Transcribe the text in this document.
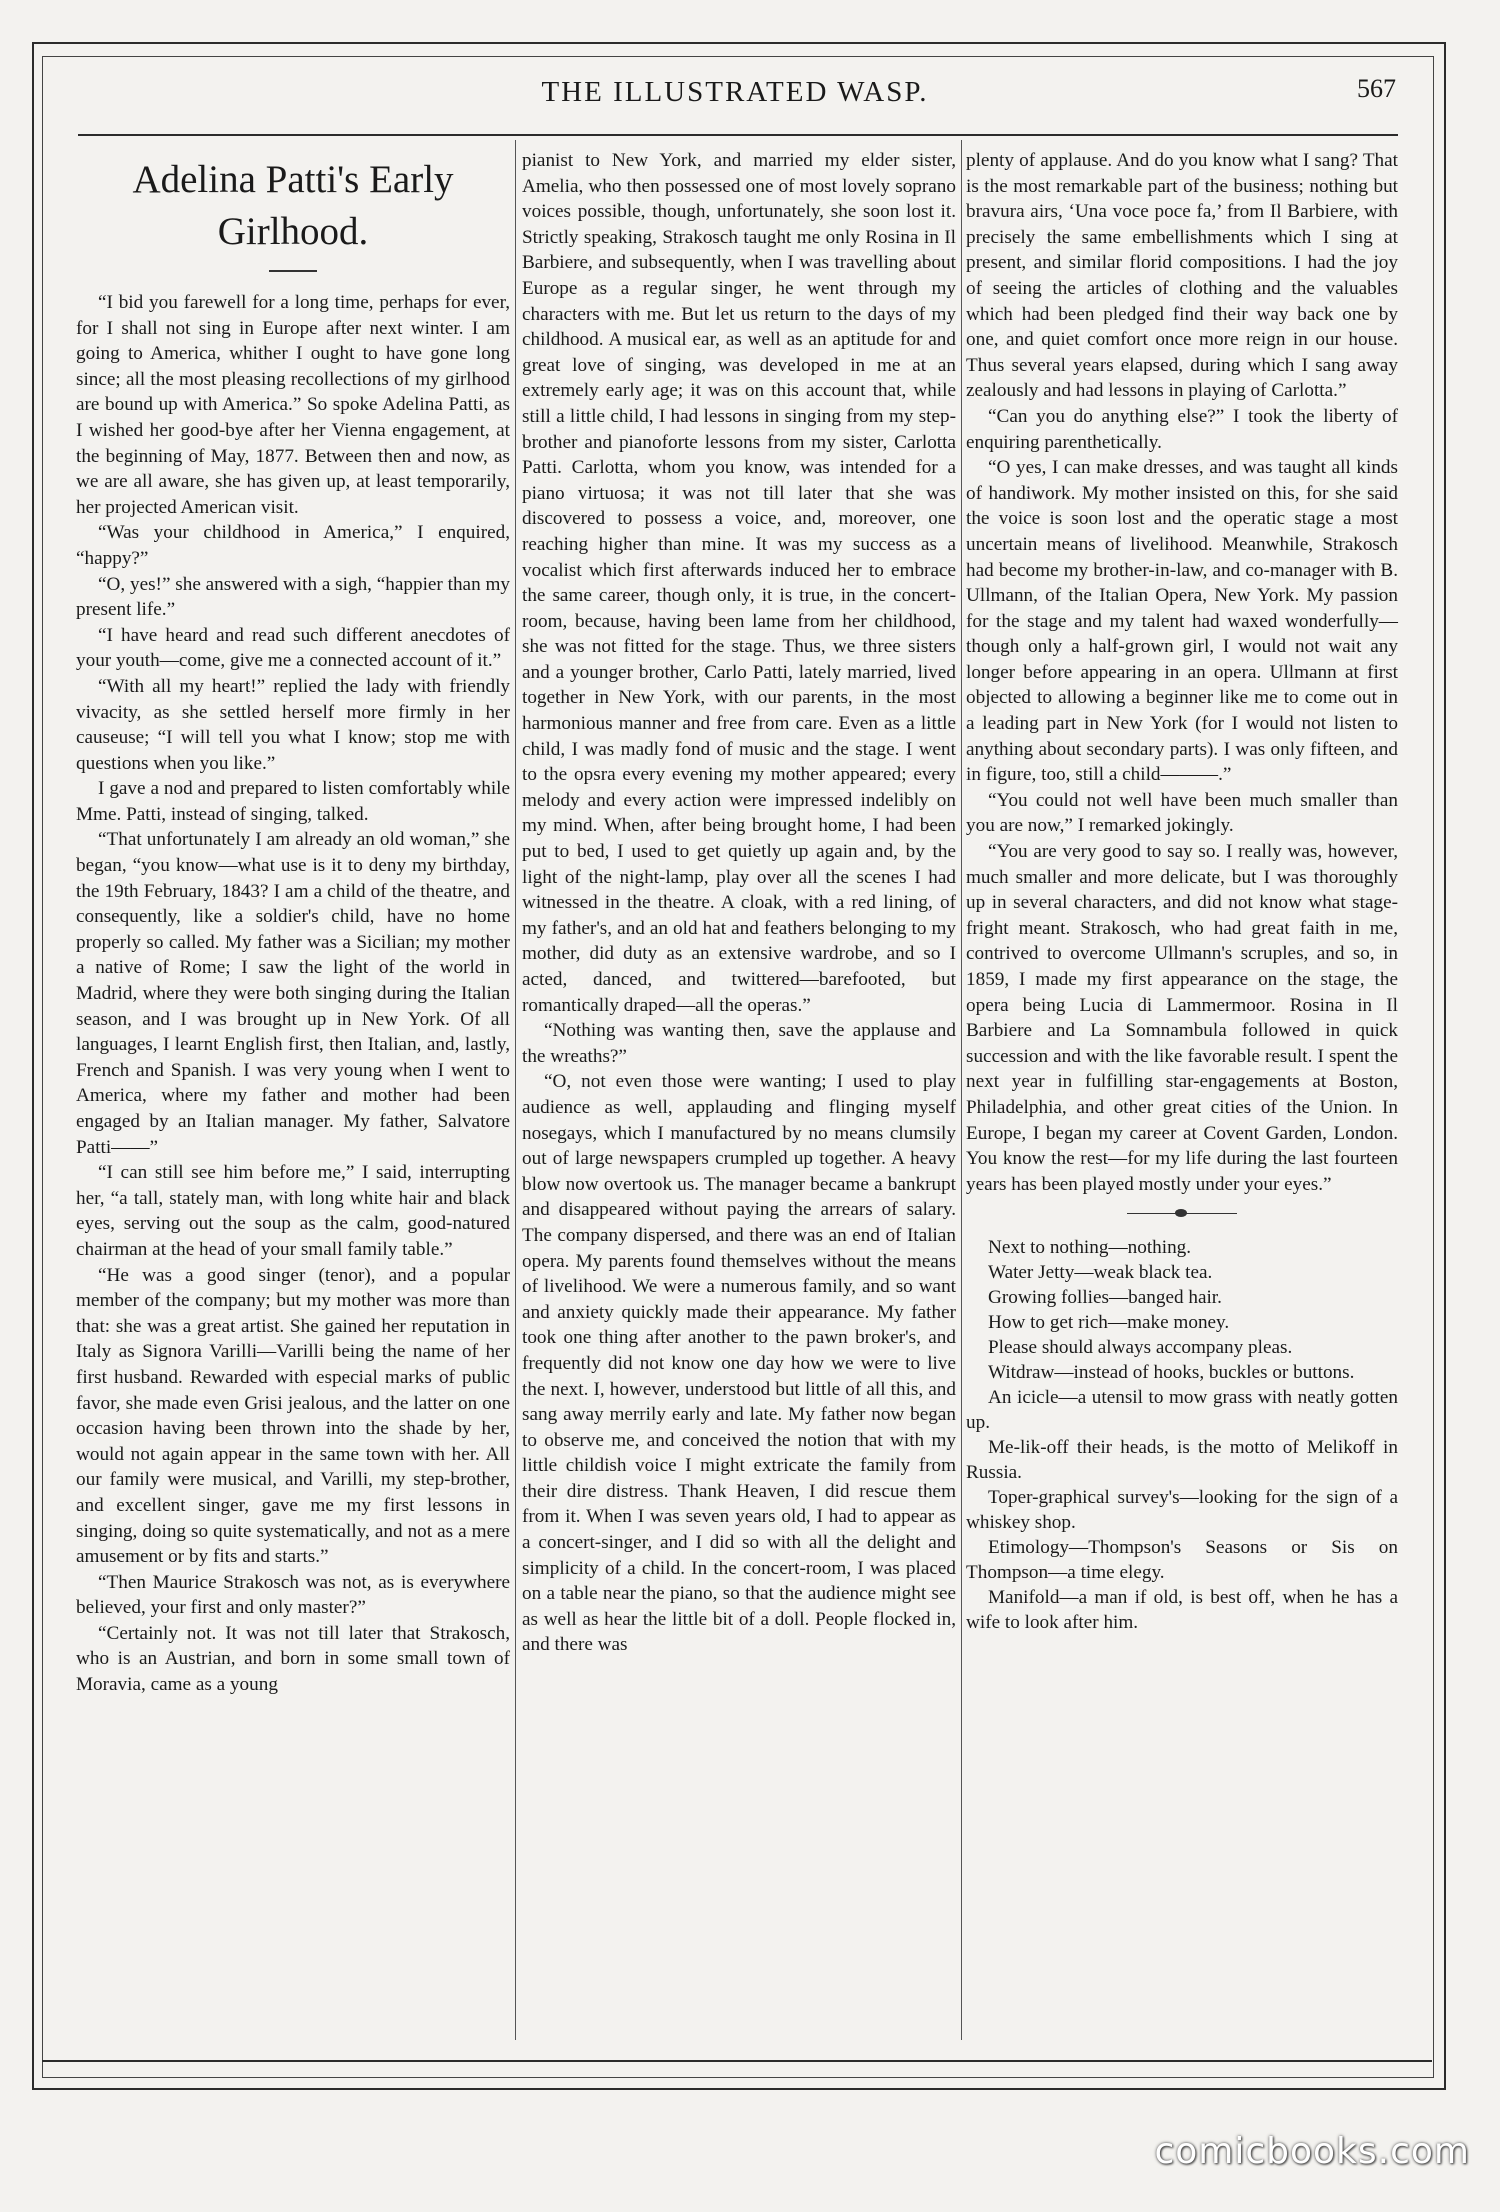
THE ILLUSTRATED WASP.	567
Adelina Patti's Early Girlhood.

“I bid you farewell for a long time, perhaps for ever, for I shall not sing in Europe after next winter. I am going to America, whither I ought to have gone long since; all the most pleasing recollections of my girlhood are bound up with America.” So spoke Adelina Patti, as I wished her good-bye after her Vienna engagement, at the beginning of May, 1877. Between then and now, as we are all aware, she has given up, at least temporarily, her projected American visit.

“Was your childhood in America,” I enquired, “happy?”

“O, yes!” she answered with a sigh, “happier than my present life.”

“I have heard and read such different anecdotes of your youth—come, give me a connected account of it.”

“With all my heart!” replied the lady with friendly vivacity, as she settled herself more firmly in her causeuse; “I will tell you what I know; stop me with questions when you like.”

I gave a nod and prepared to listen comfortably while Mme. Patti, instead of singing, talked.

“That unfortunately I am already an old woman,” she began, “you know—what use is it to deny my birthday, the 19th February, 1843? I am a child of the theatre, and consequently, like a soldier's child, have no home properly so called. My father was a Sicilian; my mother a native of Rome; I saw the light of the world in Madrid, where they were both singing during the Italian season, and I was brought up in New York. Of all languages, I learnt English first, then Italian, and, lastly, French and Spanish. I was very young when I went to America, where my father and mother had been engaged by an Italian manager. My father, Salvatore Patti——”

“I can still see him before me,” I said, interrupting her, “a tall, stately man, with long white hair and black eyes, serving out the soup as the calm, good-natured chairman at the head of your small family table.”

“He was a good singer (tenor), and a popular member of the company; but my mother was more than that: she was a great artist. She gained her reputation in Italy as Signora Varilli—Varilli being the name of her first husband. Rewarded with especial marks of public favor, she made even Grisi jealous, and the latter on one occasion having been thrown into the shade by her, would not again appear in the same town with her. All our family were musical, and Varilli, my step-brother, and excellent singer, gave me my first lessons in singing, doing so quite systematically, and not as a mere amusement or by fits and starts.”

“Then Maurice Strakosch was not, as is everywhere believed, your first and only master?”

“Certainly not. It was not till later that Strakosch, who is an Austrian, and born in some small town of Moravia, came as a young

pianist to New York, and married my elder sister, Amelia, who then possessed one of most lovely soprano voices possible, though, unfortunately, she soon lost it. Strictly speaking, Strakosch taught me only Rosina in Il Barbiere, and subsequently, when I was travelling about Europe as a regular singer, he went through my characters with me. But let us return to the days of my childhood. A musical ear, as well as an aptitude for and great love of singing, was developed in me at an extremely early age; it was on this account that, while still a little child, I had lessons in singing from my step-brother and pianoforte lessons from my sister, Carlotta Patti. Carlotta, whom you know, was intended for a piano virtuosa; it was not till later that she was discovered to possess a voice, and, moreover, one reaching higher than mine. It was my success as a vocalist which first afterwards induced her to embrace the same career, though only, it is true, in the concert-room, because, having been lame from her childhood, she was not fitted for the stage. Thus, we three sisters and a younger brother, Carlo Patti, lately married, lived together in New York, with our parents, in the most harmonious manner and free from care. Even as a little child, I was madly fond of music and the stage. I went to the opsra every evening my mother appeared; every melody and every action were impressed indelibly on my mind. When, after being brought home, I had been put to bed, I used to get quietly up again and, by the light of the night-lamp, play over all the scenes I had witnessed in the theatre. A cloak, with a red lining, of my father's, and an old hat and feathers belonging to my mother, did duty as an extensive wardrobe, and so I acted, danced, and twittered—barefooted, but romantically draped—all the operas.”

“Nothing was wanting then, save the applause and the wreaths?”

“O, not even those were wanting; I used to play audience as well, applauding and flinging myself nosegays, which I manufactured by no means clumsily out of large newspapers crumpled up together. A heavy blow now overtook us. The manager became a bankrupt and disappeared without paying the arrears of salary. The company dispersed, and there was an end of Italian opera. My parents found themselves without the means of livelihood. We were a numerous family, and so want and anxiety quickly made their appearance. My father took one thing after another to the pawn broker's, and frequently did not know one day how we were to live the next. I, however, understood but little of all this, and sang away merrily early and late. My father now began to observe me, and conceived the notion that with my little childish voice I might extricate the family from their dire distress. Thank Heaven, I did rescue them from it. When I was seven years old, I had to appear as a concert-singer, and I did so with all the delight and simplicity of a child. In the concert-room, I was placed on a table near the piano, so that the audience might see as well as hear the little bit of a doll. People flocked in, and there was

plenty of applause. And do you know what I sang? That is the most remarkable part of the business; nothing but bravura airs, ‘Una voce poce fa,’ from Il Barbiere, with precisely the same embellishments which I sing at present, and similar florid compositions. I had the joy of seeing the articles of clothing and the valuables which had been pledged find their way back one by one, and quiet comfort once more reign in our house. Thus several years elapsed, during which I sang away zealously and had lessons in playing of Carlotta.”

“Can you do anything else?” I took the liberty of enquiring parenthetically.

“O yes, I can make dresses, and was taught all kinds of handiwork. My mother insisted on this, for she said the voice is soon lost and the operatic stage a most uncertain means of livelihood. Meanwhile, Strakosch had become my brother-in-law, and co-manager with B. Ullmann, of the Italian Opera, New York. My passion for the stage and my talent had waxed wonderfully—though only a half-grown girl, I would not wait any longer before appearing in an opera. Ullmann at first objected to allowing a beginner like me to come out in a leading part in New York (for I would not listen to anything about secondary parts). I was only fifteen, and in figure, too, still a child———.”

“You could not well have been much smaller than you are now,” I remarked jokingly.

“You are very good to say so. I really was, however, much smaller and more delicate, but I was thoroughly up in several characters, and did not know what stage-fright meant. Strakosch, who had great faith in me, contrived to overcome Ullmann's scruples, and so, in 1859, I made my first appearance on the stage, the opera being Lucia di Lammermoor. Rosina in Il Barbiere and La Somnambula followed in quick succession and with the like favorable result. I spent the next year in fulfilling star-engagements at Boston, Philadelphia, and other great cities of the Union. In Europe, I began my career at Covent Garden, London. You know the rest—for my life during the last fourteen years has been played mostly under your eyes.”

Next to nothing—nothing.

Water Jetty—weak black tea.

Growing follies—banged hair.

How to get rich—make money.

Please should always accompany pleas.

Witdraw—instead of hooks, buckles or buttons.

An icicle—a utensil to mow grass with neatly gotten up.

Me-lik-off their heads, is the motto of Melikoff in Russia.

Toper-graphical survey's—looking for the sign of a whiskey shop.

Etimology—Thompson's Seasons or Sis on Thompson—a time elegy.

Manifold—a man if old, is best off, when he has a wife to look after him.

comicbooks.com
